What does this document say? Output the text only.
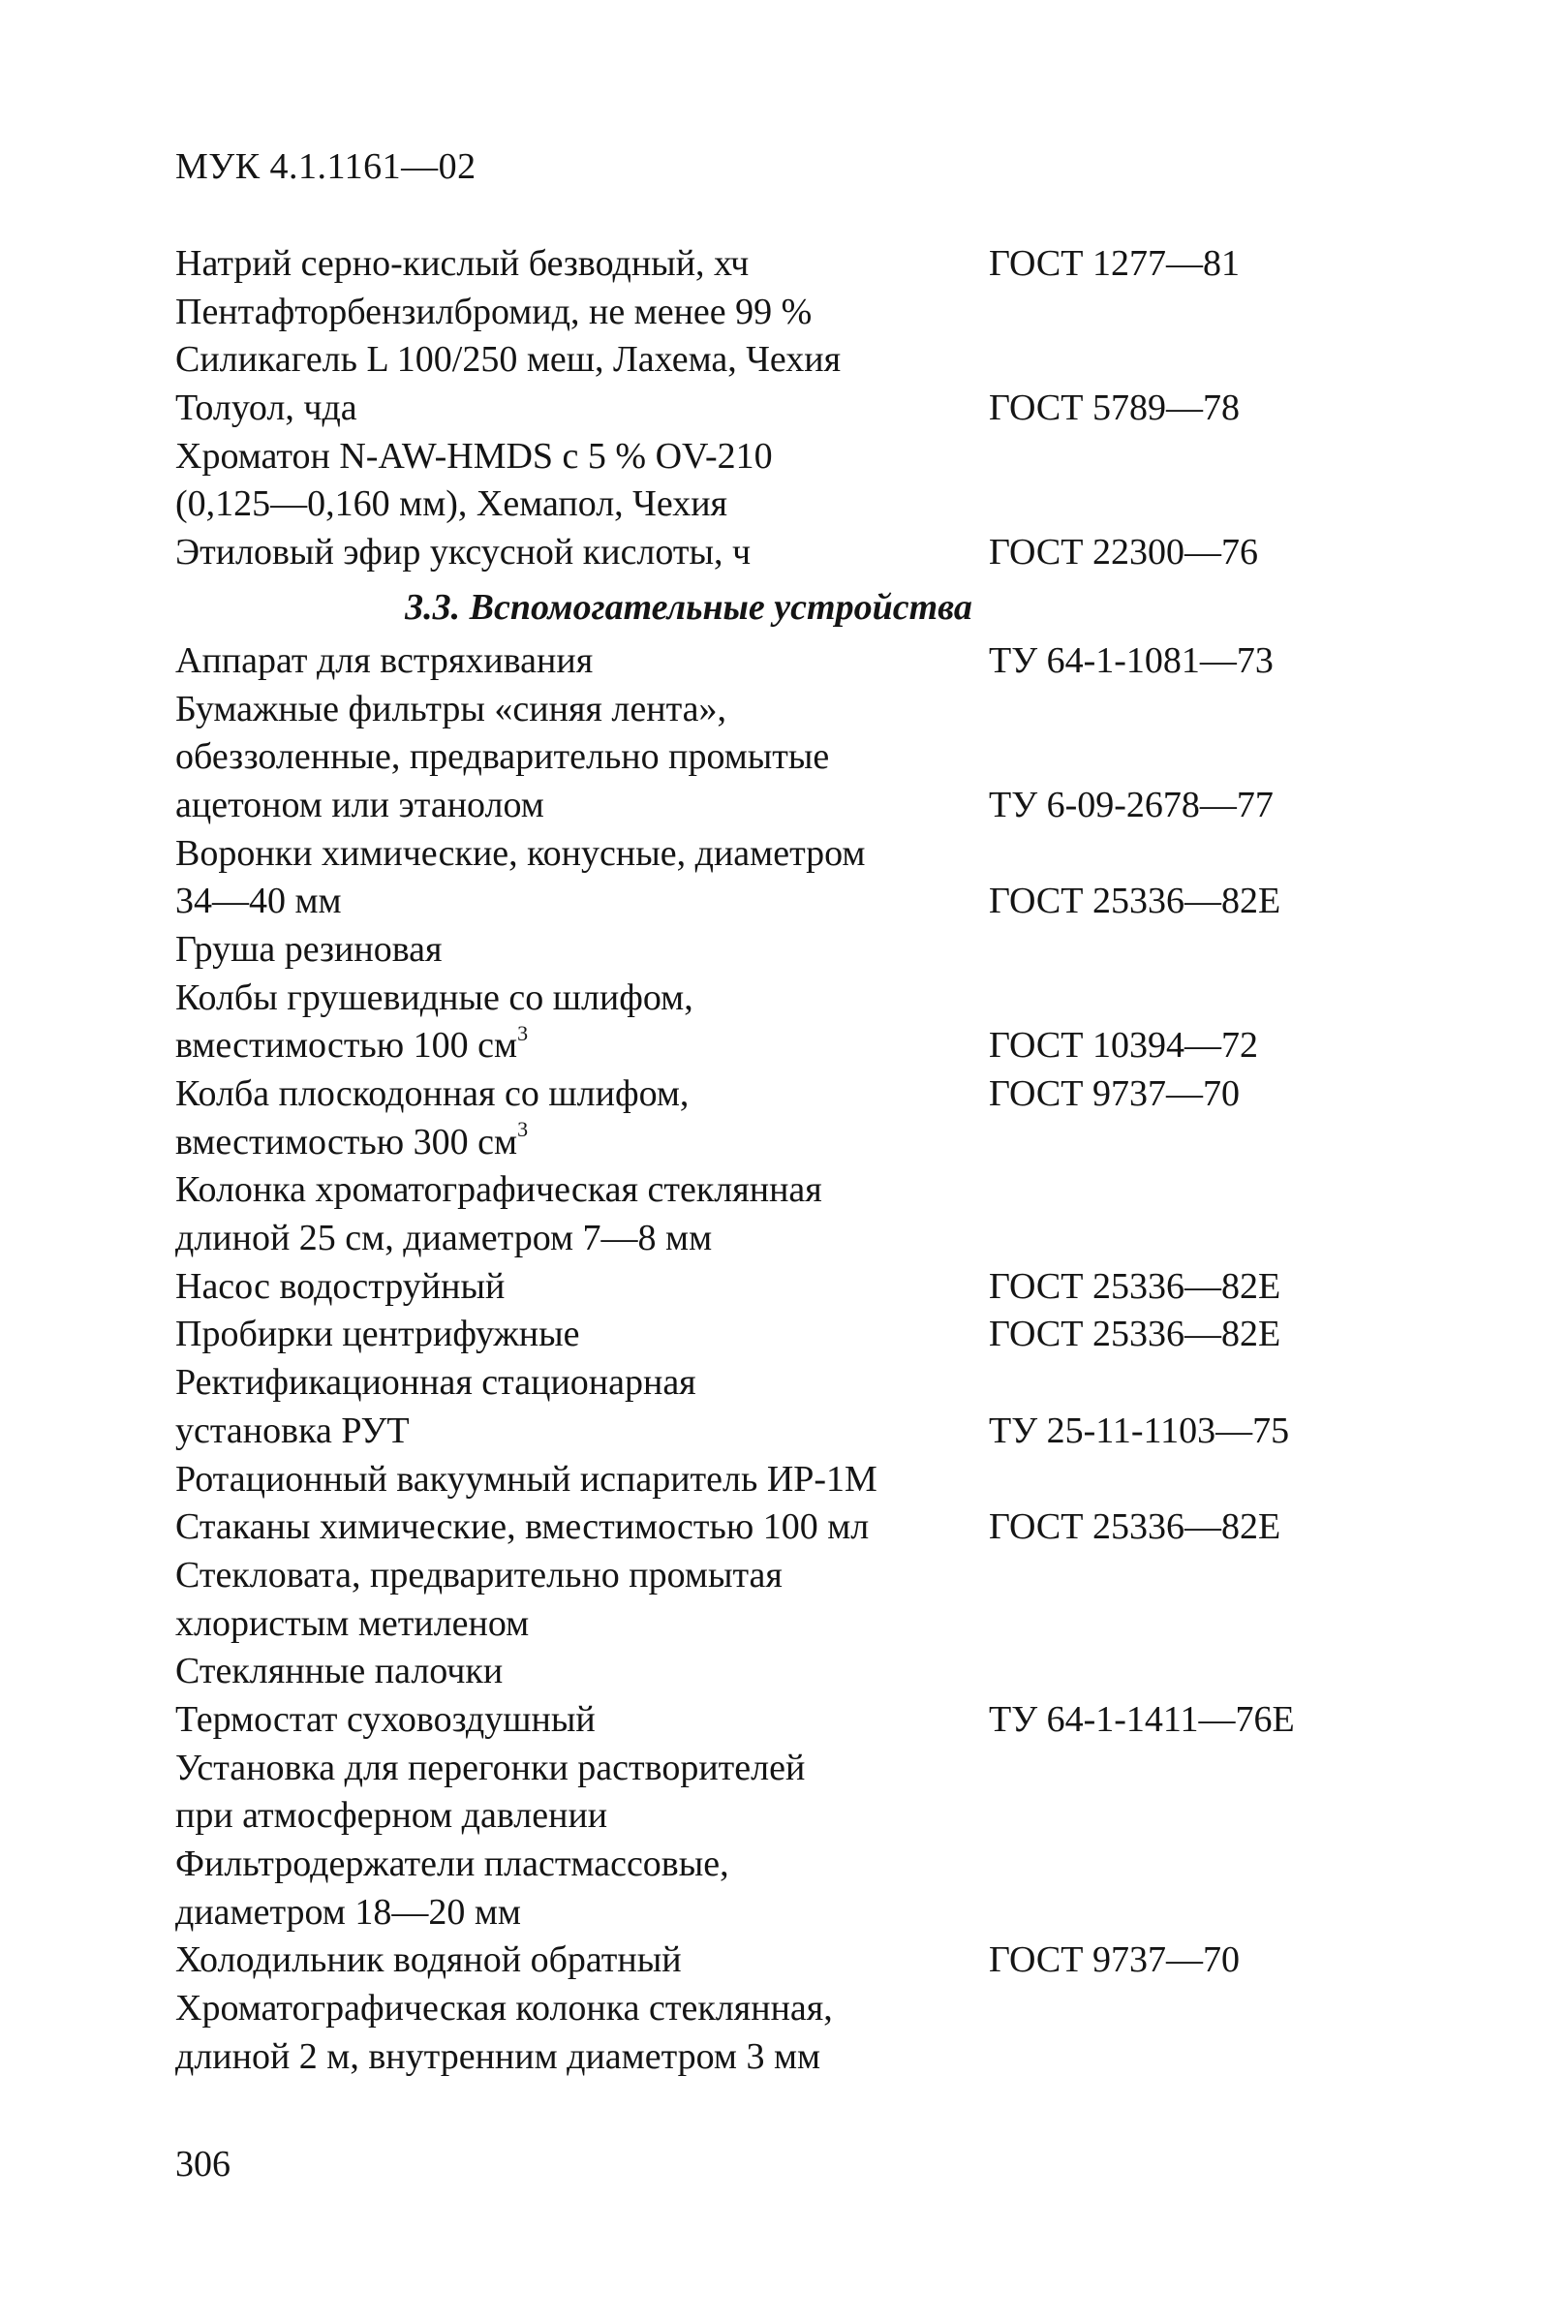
МУК 4.1.1161—02
Натрий серно-кислый безводный, хч	ГОСТ 1277—81
Пентафторбензилбромид, не менее 99 %
Силикагель L 100/250 меш, Лахема, Чехия
Толуол, чда	ГОСТ 5789—78
Хроматон N-AW-HMDS с 5 % OV-210
(0,125—0,160 мм), Хемапол, Чехия
Этиловый эфир уксусной кислоты, ч	ГОСТ 22300—76
3.3. Вспомогательные устройства
Аппарат для встряхивания	ТУ 64-1-1081—73
Бумажные фильтры «синяя лента»,
обеззоленные, предварительно промытые
ацетоном или этанолом	ТУ 6-09-2678—77
Воронки химические, конусные, диаметром
34—40 мм	ГОСТ 25336—82Е
Груша резиновая
Колбы грушевидные со шлифом,
вместимостью 100 $см^3$	ГОСТ 10394—72
Колба плоскодонная со шлифом,	ГОСТ 9737—70
вместимостью 300 $см^3$
Колонка хроматографическая стеклянная
длиной 25 см, диаметром 7—8 мм
Насос водоструйный	ГОСТ 25336—82Е
Пробирки центрифужные	ГОСТ 25336—82Е
Ректификационная стационарная
установка РУТ	ТУ 25-11-1103—75
Ротационный вакуумный испаритель ИР-1М
Стаканы химические, вместимостью 100 мл	ГОСТ 25336—82Е
Стекловата, предварительно промытая
хлористым метиленом
Стеклянные палочки
Термостат суховоздушный	ТУ 64-1-1411—76Е
Установка для перегонки растворителей
при атмосферном давлении
Фильтродержатели пластмассовые,
диаметром 18—20 мм
Холодильник водяной обратный	ГОСТ 9737—70
Хроматографическая колонка стеклянная,
длиной 2 м, внутренним диаметром 3 мм
306
